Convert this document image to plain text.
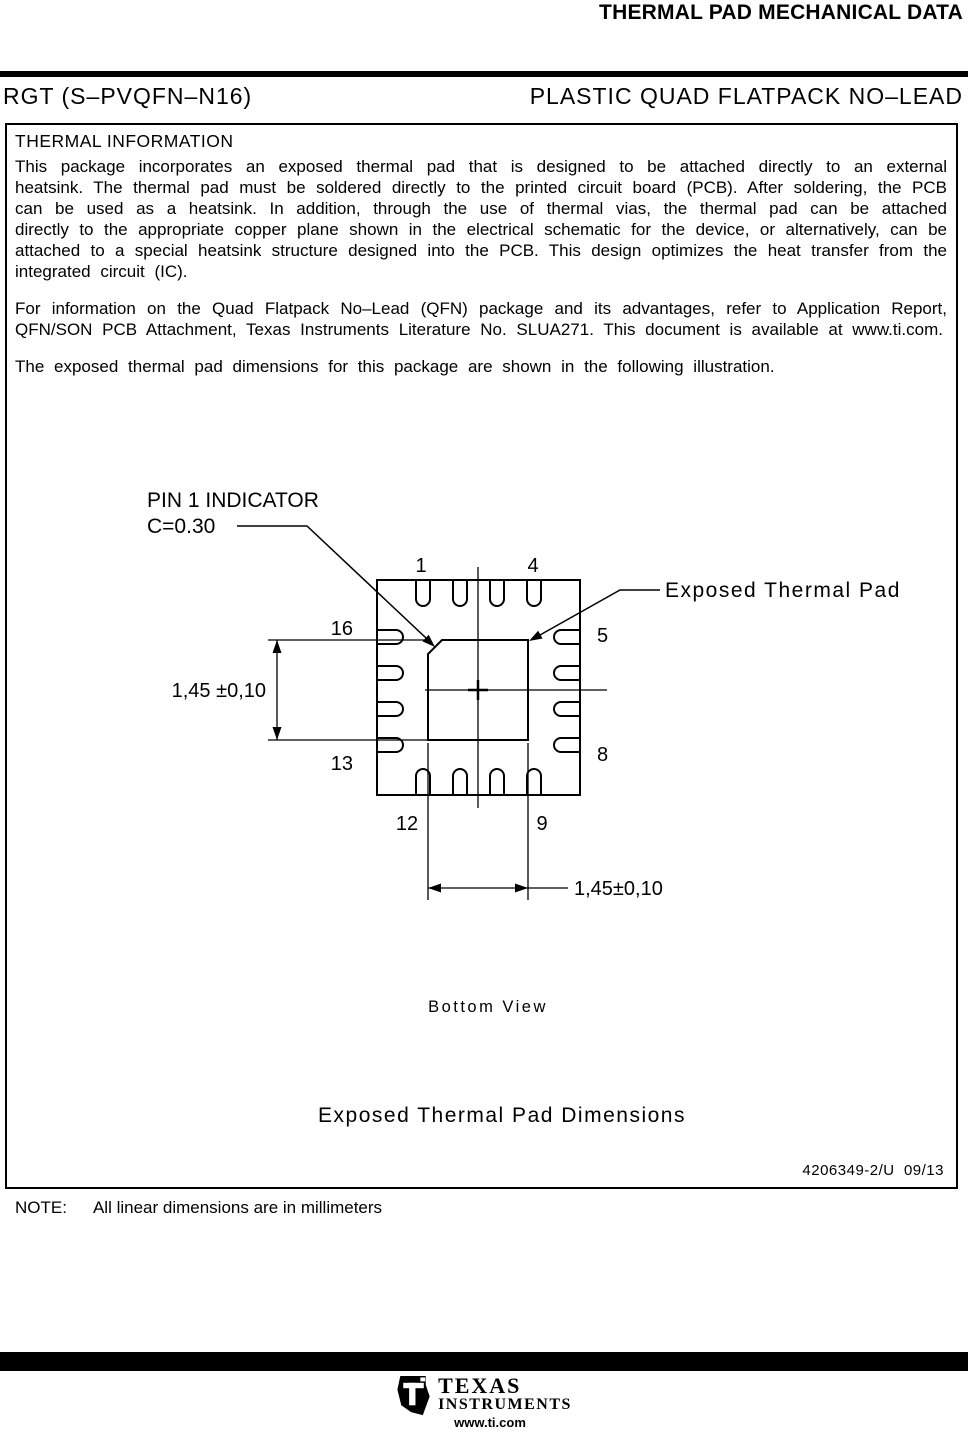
THERMAL PAD MECHANICAL DATA
RGT (S–PVQFN–N16)	PLASTIC QUAD FLATPACK NO–LEAD
THERMAL INFORMATION

This package incorporates an exposed thermal pad that is designed to be attached directly to an external heatsink. The thermal pad must be soldered directly to the printed circuit board (PCB). After soldering, the PCB can be used as a heatsink. In addition, through the use of thermal vias, the thermal pad can be attached directly to the appropriate copper plane shown in the electrical schematic for the device, or alternatively, can be attached to a special heatsink structure designed into the PCB. This design optimizes the heat transfer from the integrated circuit (IC).

For information on the Quad Flatpack No–Lead (QFN) package and its advantages, refer to Application Report, QFN/SON PCB Attachment, Texas Instruments Literature No. SLUA271. This document is available at www.ti.com.

The exposed thermal pad dimensions for this package are shown in the following illustration.

PIN 1 INDICATOR
C=0.30
Exposed Thermal Pad
1	4
16	5
13	8
12	9
1,45 ±0,10
1,45±0,10
Bottom View
Exposed Thermal Pad Dimensions
4206349-2/U  09/13
NOTE: All linear dimensions are in millimeters
TEXAS
INSTRUMENTS
www.ti.com
